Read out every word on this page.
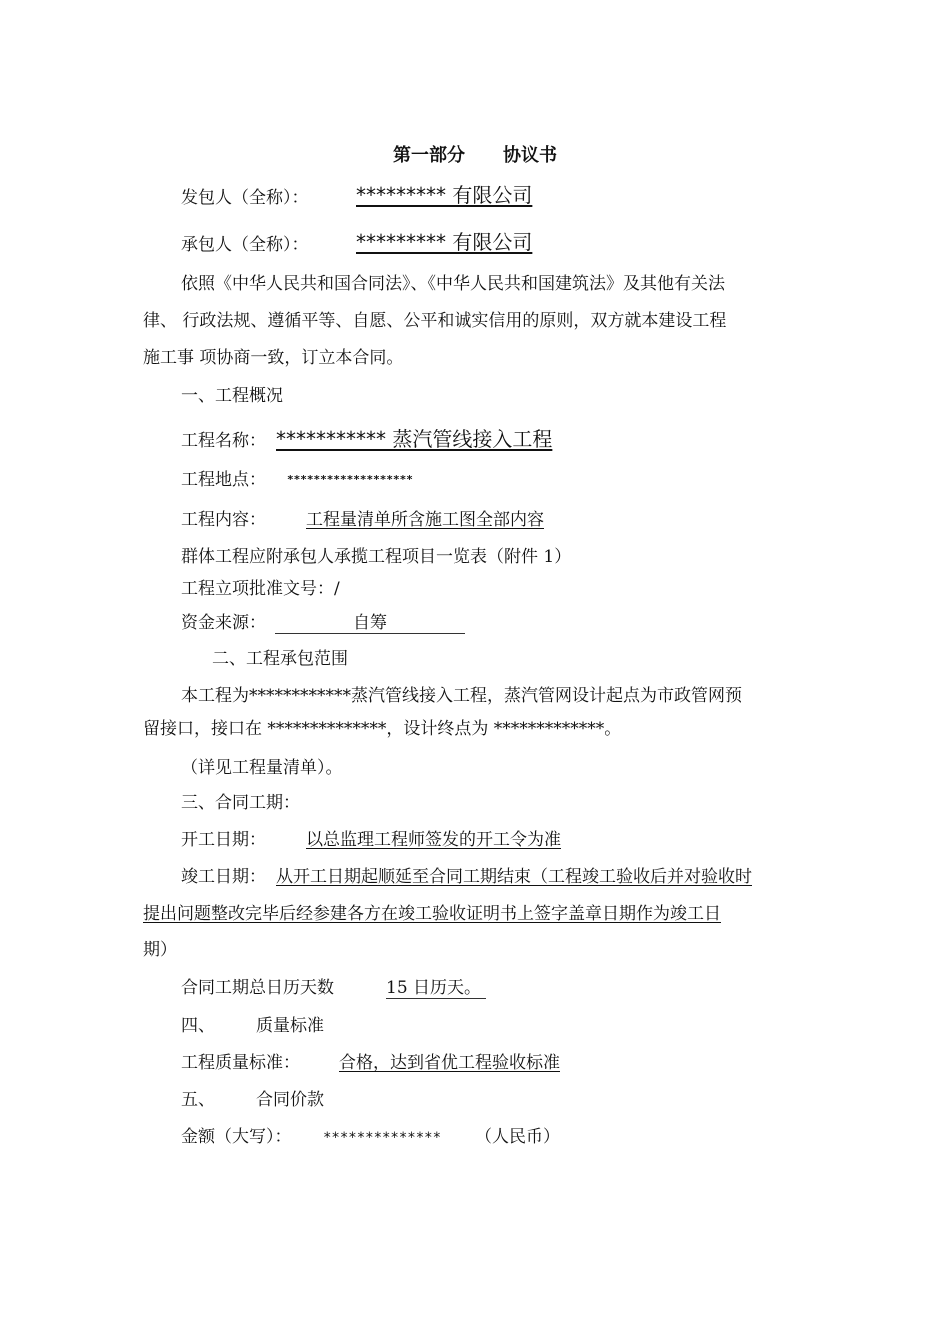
第一部分 协议书
发包人（全称）： ********* 有限公司
承包人（全称）： ********* 有限公司
依照《中华人民共和国合同法》、《中华人民共和国建筑法》及其他有关法
律、 行政法规、遵循平等、自愿、公平和诚实信用的原则，双方就本建设工程
施工事 项协商一致，订立本合同。
一、工程概况
工程名称： *********** 蒸汽管线接入工程
工程地点： *******************
工程内容： 工程量清单所含施工图全部内容
群体工程应附承包人承揽工程项目一览表（附件 1）
工程立项批准文号：/
资金来源：	自筹
二、工程承包范围
本工程为************蒸汽管线接入工程，蒸汽管网设计起点为市政管网预
留接口，接口在 **************，设计终点为 *************。
（详见工程量清单）。
三、合同工期：
开工日期： 以总监理工程师签发的开工令为准
竣工日期： 从开工日期起顺延至合同工期结束（工程竣工验收后并对验收时
提出问题整改完毕后经参建各方在竣工验收证明书上签字盖章日期作为竣工日
期）
合同工期总日历天数	15 日历天。
四、 质量标准
工程质量标准： 合格，达到省优工程验收标准
五、 合同价款
金额（大写）： ************** （人民币）
